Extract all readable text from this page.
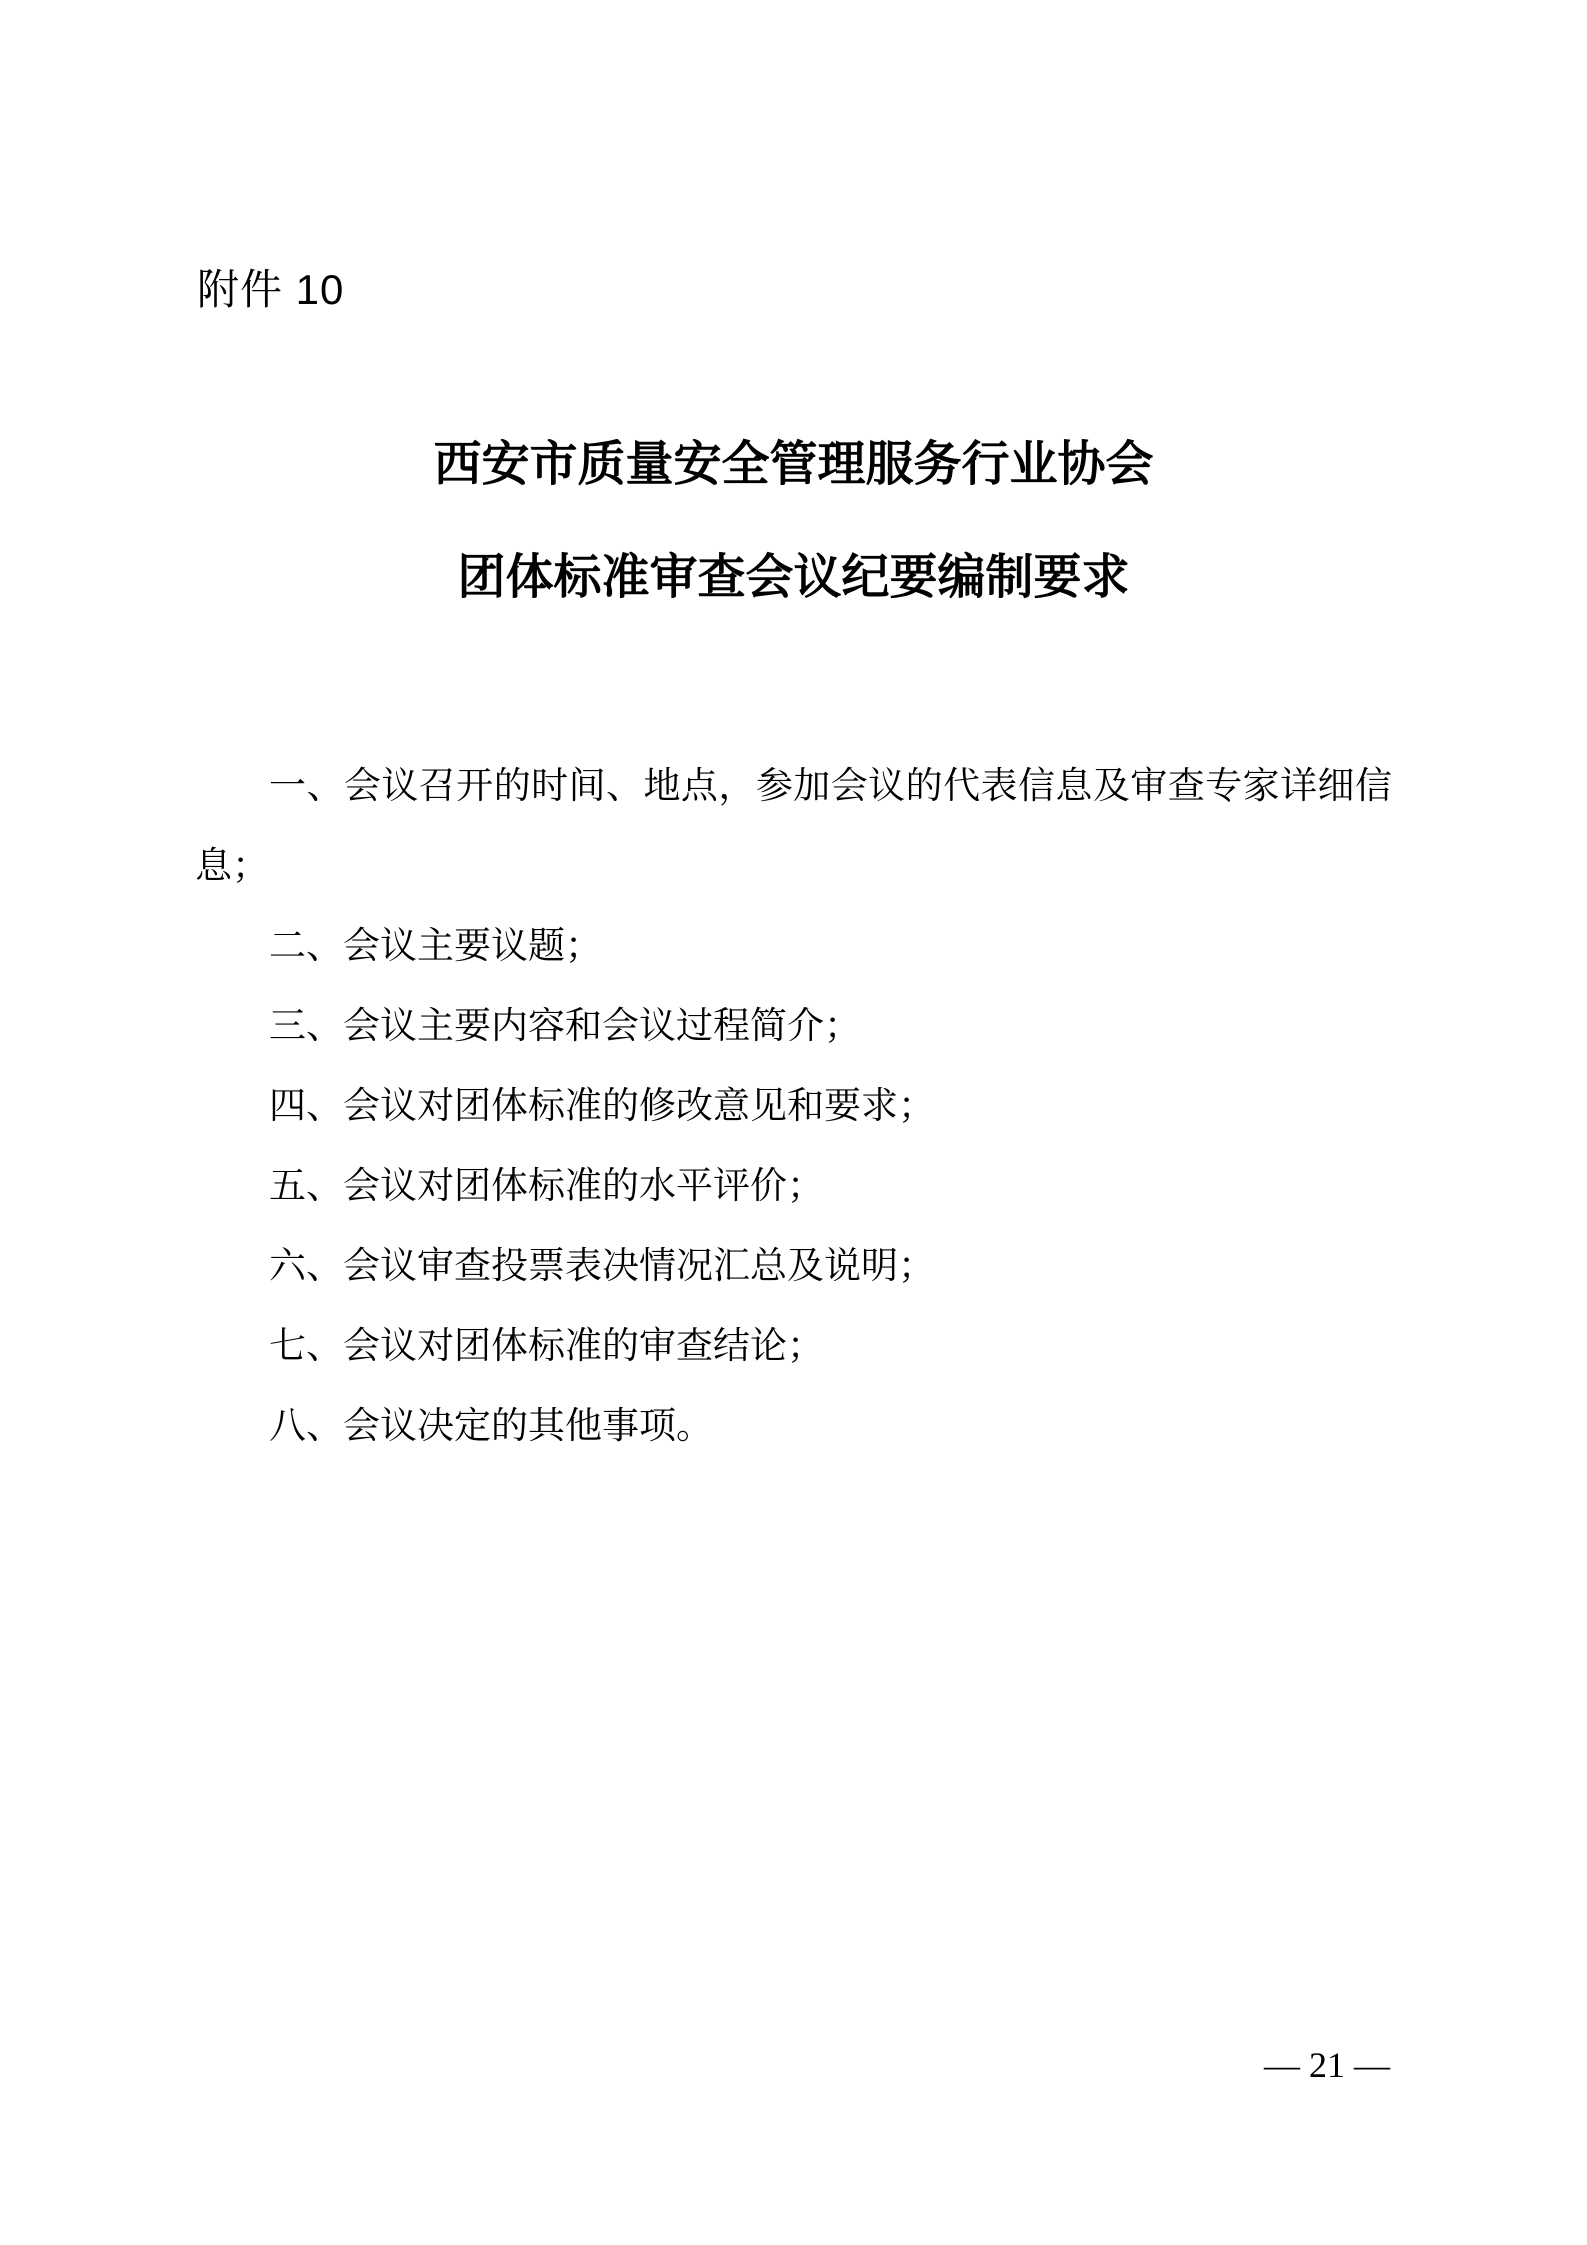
附件 10
西安市质量安全管理服务行业协会
团体标准审查会议纪要编制要求

一、会议召开的时间、地点，参加会议的代表信息及审查专家详细信息；

二、会议主要议题；

三、会议主要内容和会议过程简介；

四、会议对团体标准的修改意见和要求；

五、会议对团体标准的水平评价；

六、会议审查投票表决情况汇总及说明；

七、会议对团体标准的审查结论；

八、会议决定的其他事项。

— 21 —
